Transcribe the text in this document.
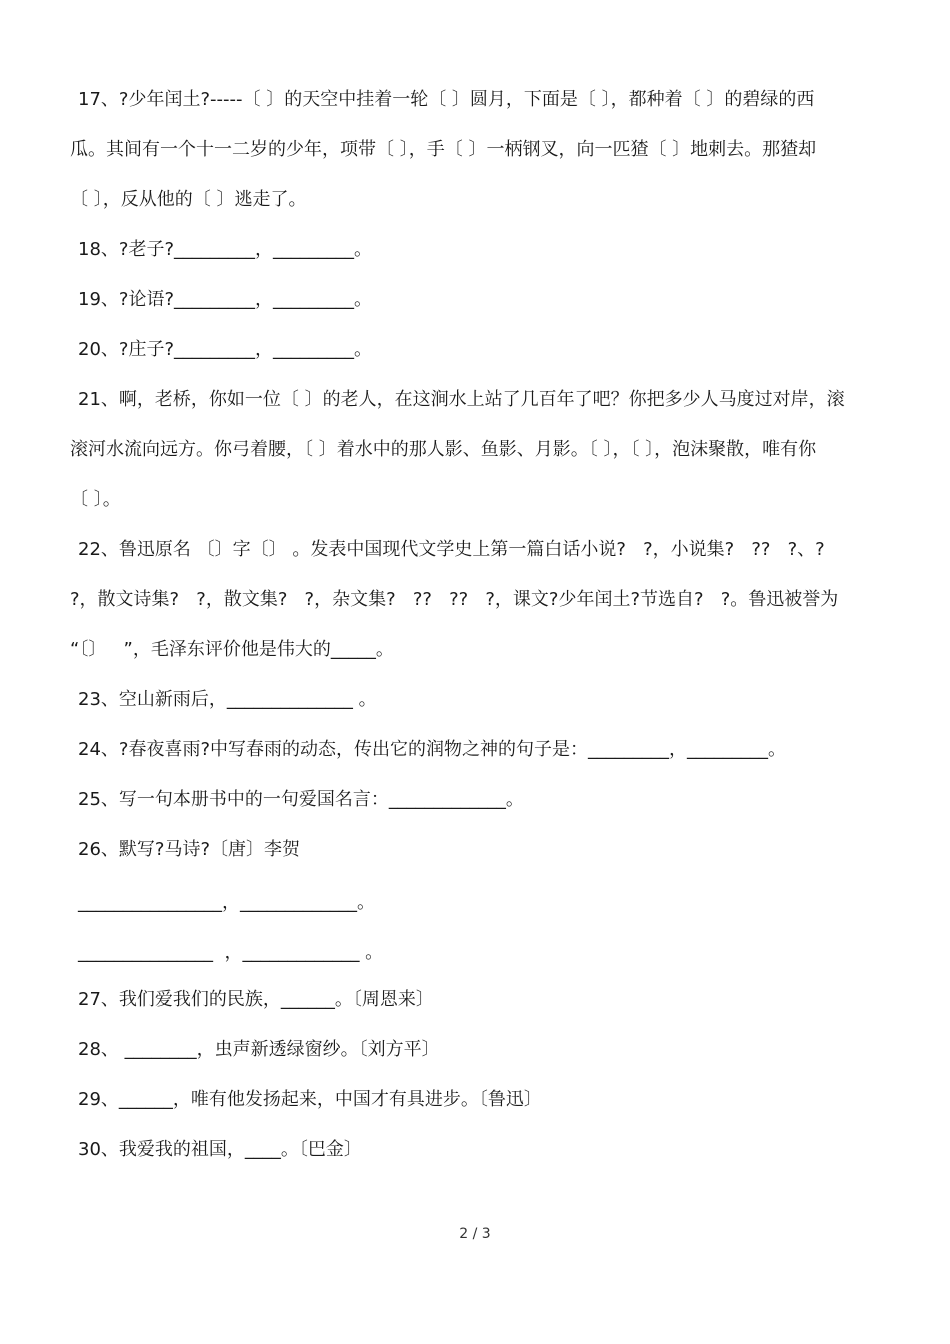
17、?少年闰土?-----〔 〕的天空中挂着一轮〔 〕圆月，下面是〔 〕，都种着〔 〕的碧绿的西
瓜。其间有一个十一二岁的少年，项带〔 〕，手〔 〕一柄钢叉，向一匹猹〔 〕地刺去。那猹却
〔 〕，反从他的〔 〕逃走了。
18、?老子?_________，_________。
19、?论语?_________，_________。
20、?庄子?_________，_________。
21、啊，老桥，你如一位〔 〕的老人，在这涧水上站了几百年了吧？你把多少人马度过对岸，滚
滚河水流向远方。你弓着腰，〔 〕着水中的那人影、鱼影、月影。〔 〕，〔 〕，泡沫聚散，唯有你
〔 〕。
22、鲁迅原名 〔〕字〔〕 。发表中国现代文学史上第一篇白话小说?   ?，小说集?   ??   ?、?
?，散文诗集?   ?，散文集?   ?，杂文集?   ??   ??   ?，课文?少年闰土?节选自?   ?。鲁迅被誉为
“〔〕   ”，毛泽东评价他是伟大的_____。
23、空山新雨后，______________ 。
24、?春夜喜雨?中写春雨的动态，传出它的润物之神的句子是：_________，_________。
25、写一句本册书中的一句爱国名言：_____________。
26、默写?马诗?〔唐〕李贺
________________，_____________。
_______________  ，_____________ 。
27、我们爱我们的民族，______。〔周恩来〕
28、 ________，虫声新透绿窗纱。〔刘方平〕
29、______，唯有他发扬起来，中国才有具进步。〔鲁迅〕
30、我爱我的祖国，____。〔巴金〕
2 / 3
